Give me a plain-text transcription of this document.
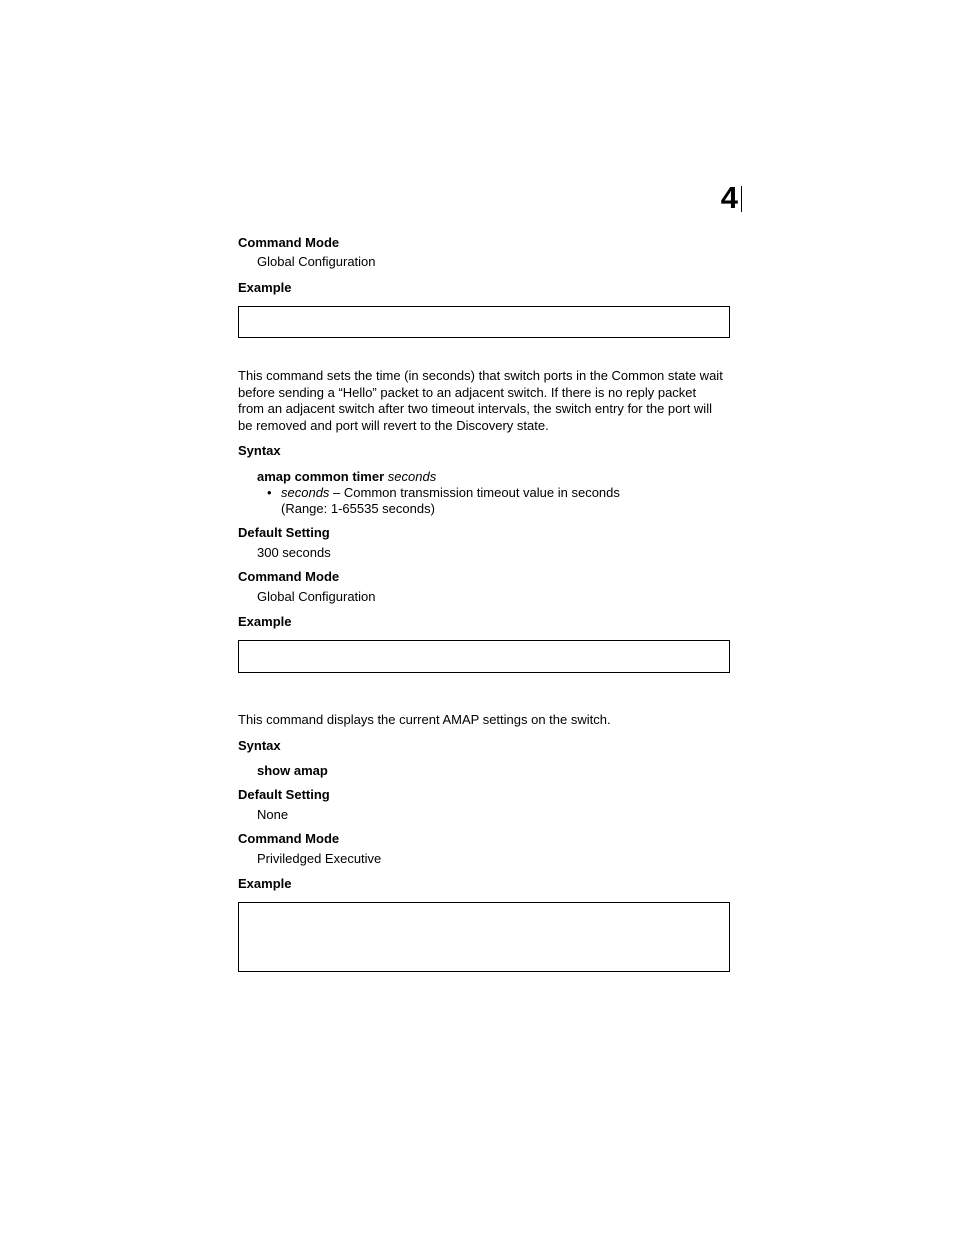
4
Command Mode
Global Configuration
Example

This command sets the time (in seconds) that switch ports in the Common state wait

before sending a “Hello” packet to an adjacent switch. If there is no reply packet

from an adjacent switch after two timeout intervals, the switch entry for the port will

be removed and port will revert to the Discovery state.

Syntax
amap common timer seconds
• seconds – Common transmission timeout value in seconds
(Range: 1-65535 seconds)
Default Setting
300 seconds
Command Mode
Global Configuration
Example
This command displays the current AMAP settings on the switch.
Syntax
show amap
Default Setting
None
Command Mode
Priviledged Executive
Example
